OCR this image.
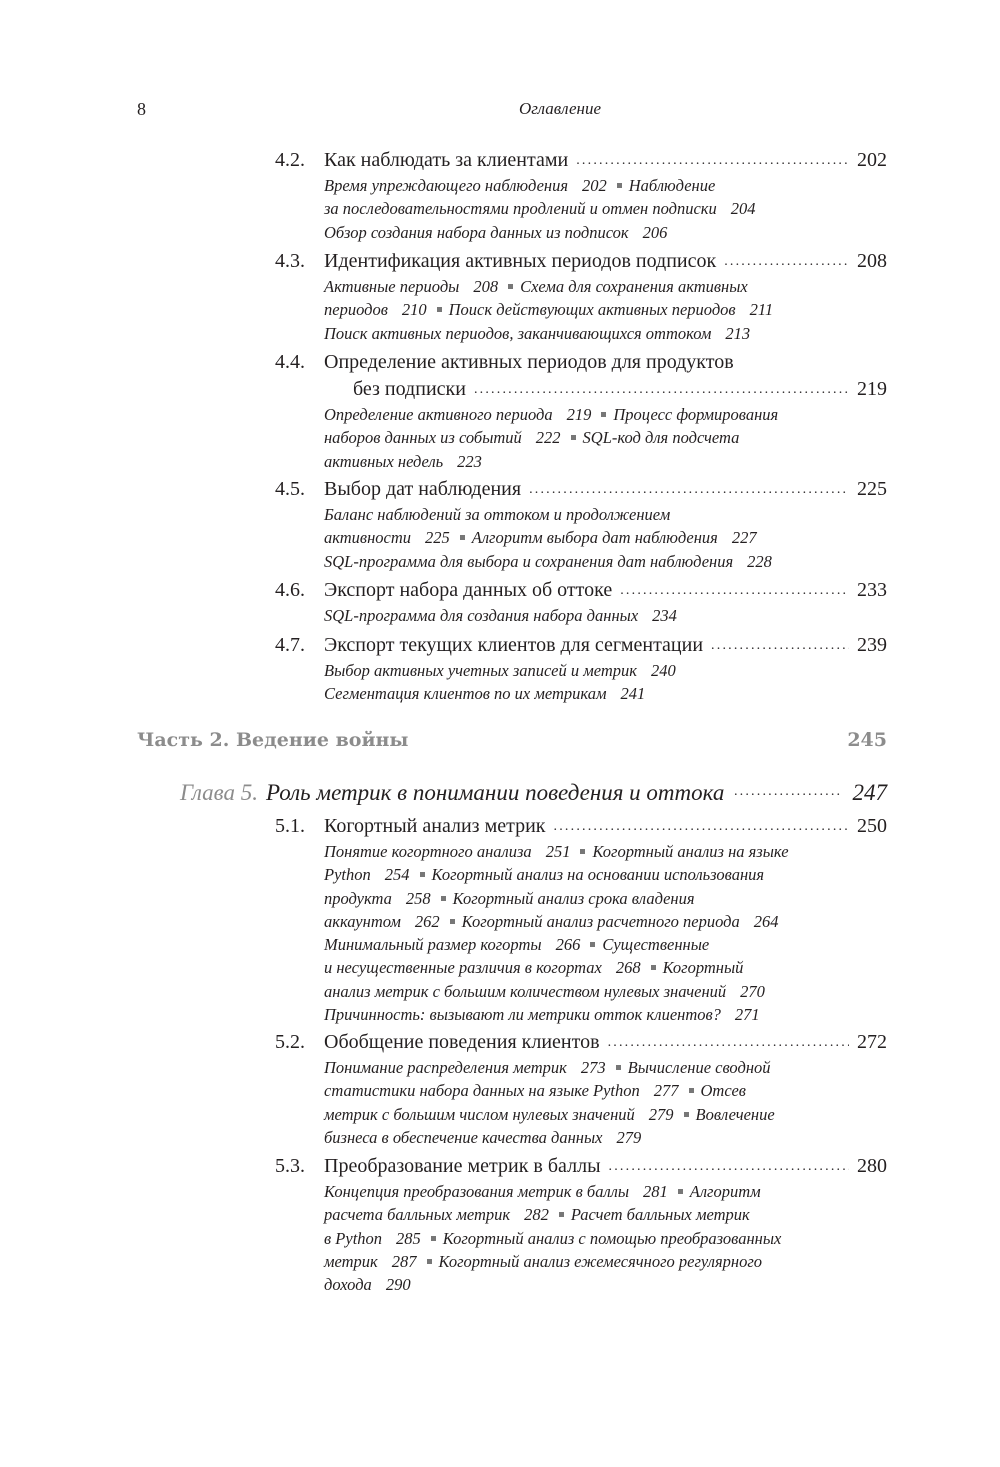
8	Оглавление
4.2. Как наблюдать за клиентами .....	202
Время упреждающего наблюдения 202 Наблюдение
за последовательностями продлений и отмен подписки 204
Обзор создания набора данных из подписок 206
4.3. Идентификация активных периодов подписок .....	208
Активные периоды 208 Схема для сохранения активных
периодов 210 Поиск действующих активных периодов 211
Поиск активных периодов, заканчивающихся оттоком 213
4.4. Определение активных периодов для продуктов
без подписки .....	219
Определение активного периода 219 Процесс формирования
наборов данных из событий 222 SQL-код для подсчета
активных недель 223
4.5. Выбор дат наблюдения .....	225
Баланс наблюдений за оттоком и продолжением
активности 225 Алгоритм выбора дат наблюдения 227
SQL-программа для выбора и сохранения дат наблюдения 228
4.6. Экспорт набора данных об оттоке .....	233
SQL-программа для создания набора данных 234
4.7. Экспорт текущих клиентов для сегментации .....	239
Выбор активных учетных записей и метрик 240
Сегментация клиентов по их метрикам 241
Часть 2. Ведение войны	245
Глава 5. Роль метрик в понимании поведения и оттока .....	247
5.1. Когортный анализ метрик .....	250
Понятие когортного анализа 251 Когортный анализ на языке
Python 254 Когортный анализ на основании использования
продукта 258 Когортный анализ срока владения
аккаунтом 262 Когортный анализ расчетного периода 264
Минимальный размер когорты 266 Существенные
и несущественные различия в когортах 268 Когортный
анализ метрик с большим количеством нулевых значений 270
Причинность: вызывают ли метрики отток клиентов? 271
5.2. Обобщение поведения клиентов .....	272
Понимание распределения метрик 273 Вычисление сводной
статистики набора данных на языке Python 277 Отсев
метрик с большим числом нулевых значений 279 Вовлечение
бизнеса в обеспечение качества данных 279
5.3. Преобразование метрик в баллы .....	280
Концепция преобразования метрик в баллы 281 Алгоритм
расчета балльных метрик 282 Расчет балльных метрик
в Python 285 Когортный анализ с помощью преобразованных
метрик 287 Когортный анализ ежемесячного регулярного
дохода 290
